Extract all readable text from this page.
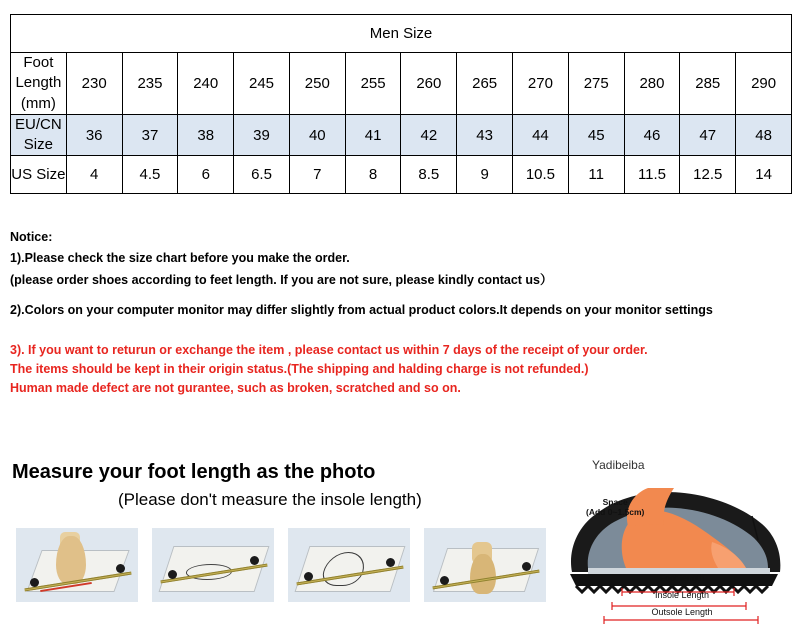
Men Size													
Foot Length (mm)	230	235	240	245	250	255	260	265	270	275	280	285	290
EU/CN Size	36	37	38	39	40	41	42	43	44	45	46	47	48
US Size	4	4.5	6	6.5	7	8	8.5	9	10.5	11	11.5	12.5	14

Notice:

1).Please check the size chart before you make the order.

(please order shoes according to feet length. If you are not sure, please kindly contact us）

2).Colors on your computer monitor may differ slightly from actual product colors.It depends on your monitor settings

3). If you want to returun or exchange the item , please contact us within 7 days of the receipt of your order.

The items should be kept in their origin status.(The shipping and halding charge is not refunded.)

Human made defect are not gurantee, such as broken, scratched and so on.

Measure your foot length as the photo
(Please don't measure the insole length)
Yadibeiba
Space
(Add 0~1.5cm)
Foot length
Insole Length
Outsole Length
